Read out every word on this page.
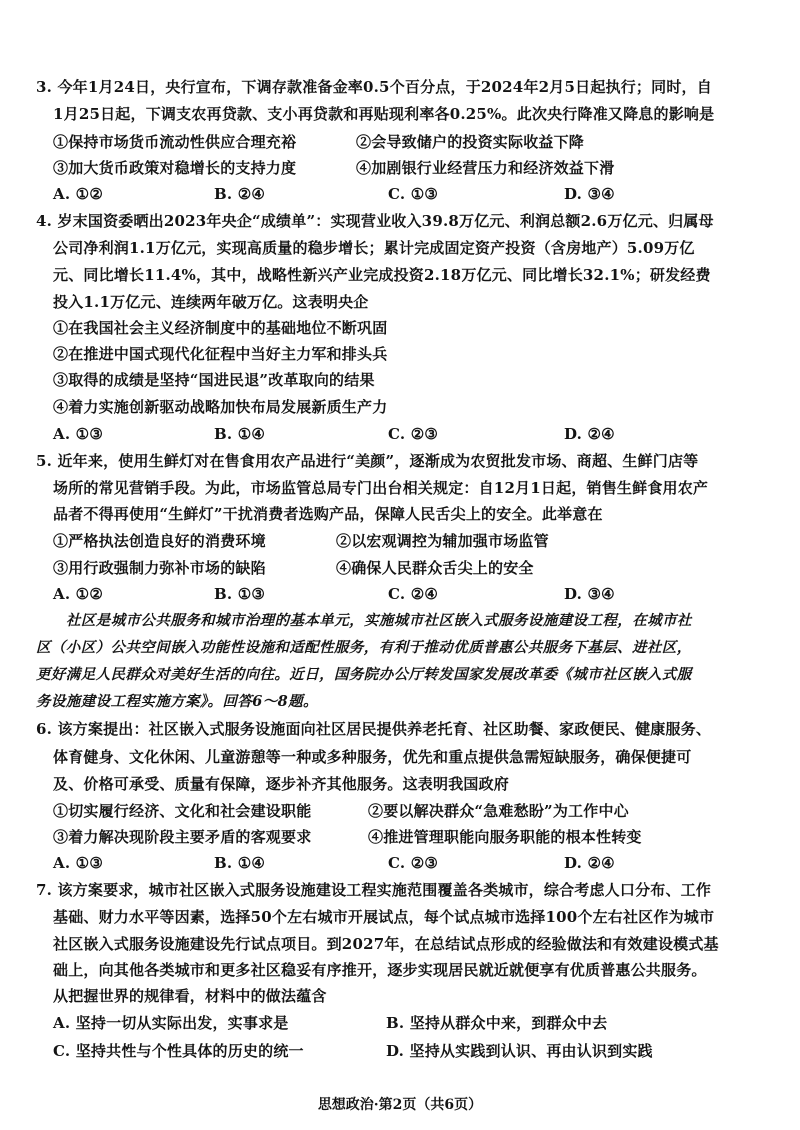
3. 今年1月24日，央行宣布，下调存款准备金率0.5个百分点，于2024年2月5日起执行；同时，自
1月25日起，下调支农再贷款、支小再贷款和再贴现利率各0.25%。此次央行降准又降息的影响是
①保持市场货币流动性供应合理充裕	②会导致储户的投资实际收益下降
③加大货币政策对稳增长的支持力度	④加剧银行业经营压力和经济效益下滑
A. ①②	B. ②④	C. ①③	D. ③④
4. 岁末国资委晒出2023年央企“成绩单”：实现营业收入39.8万亿元、利润总额2.6万亿元、归属母
公司净利润1.1万亿元，实现高质量的稳步增长；累计完成固定资产投资（含房地产）5.09万亿
元、同比增长11.4%，其中，战略性新兴产业完成投资2.18万亿元、同比增长32.1%；研发经费
投入1.1万亿元、连续两年破万亿。这表明央企
①在我国社会主义经济制度中的基础地位不断巩固
②在推进中国式现代化征程中当好主力军和排头兵
③取得的成绩是坚持“国进民退”改革取向的结果
④着力实施创新驱动战略加快布局发展新质生产力
A. ①③	B. ①④	C. ②③	D. ②④
5. 近年来，使用生鲜灯对在售食用农产品进行“美颜”，逐渐成为农贸批发市场、商超、生鲜门店等
场所的常见营销手段。为此，市场监管总局专门出台相关规定：自12月1日起，销售生鲜食用农产
品者不得再使用“生鲜灯”干扰消费者选购产品，保障人民舌尖上的安全。此举意在
①严格执法创造良好的消费环境	②以宏观调控为辅加强市场监管
③用行政强制力弥补市场的缺陷	④确保人民群众舌尖上的安全
A. ①②	B. ①③	C. ②④	D. ③④
社区是城市公共服务和城市治理的基本单元，实施城市社区嵌入式服务设施建设工程，在城市社
区（小区）公共空间嵌入功能性设施和适配性服务，有利于推动优质普惠公共服务下基层、进社区，
更好满足人民群众对美好生活的向往。近日，国务院办公厅转发国家发展改革委《城市社区嵌入式服
务设施建设工程实施方案》。回答6～8题。
6. 该方案提出：社区嵌入式服务设施面向社区居民提供养老托育、社区助餐、家政便民、健康服务、
体育健身、文化休闲、儿童游憩等一种或多种服务，优先和重点提供急需短缺服务，确保便捷可
及、价格可承受、质量有保障，逐步补齐其他服务。这表明我国政府
①切实履行经济、文化和社会建设职能	②要以解决群众“急难愁盼”为工作中心
③着力解决现阶段主要矛盾的客观要求	④推进管理职能向服务职能的根本性转变
A. ①③	B. ①④	C. ②③	D. ②④
7. 该方案要求，城市社区嵌入式服务设施建设工程实施范围覆盖各类城市，综合考虑人口分布、工作
基础、财力水平等因素，选择50个左右城市开展试点，每个试点城市选择100个左右社区作为城市
社区嵌入式服务设施建设先行试点项目。到2027年，在总结试点形成的经验做法和有效建设模式基
础上，向其他各类城市和更多社区稳妥有序推开，逐步实现居民就近就便享有优质普惠公共服务。
从把握世界的规律看，材料中的做法蕴含
A. 坚持一切从实际出发，实事求是	B. 坚持从群众中来，到群众中去
C. 坚持共性与个性具体的历史的统一	D. 坚持从实践到认识、再由认识到实践
思想政治·第2页（共6页）
